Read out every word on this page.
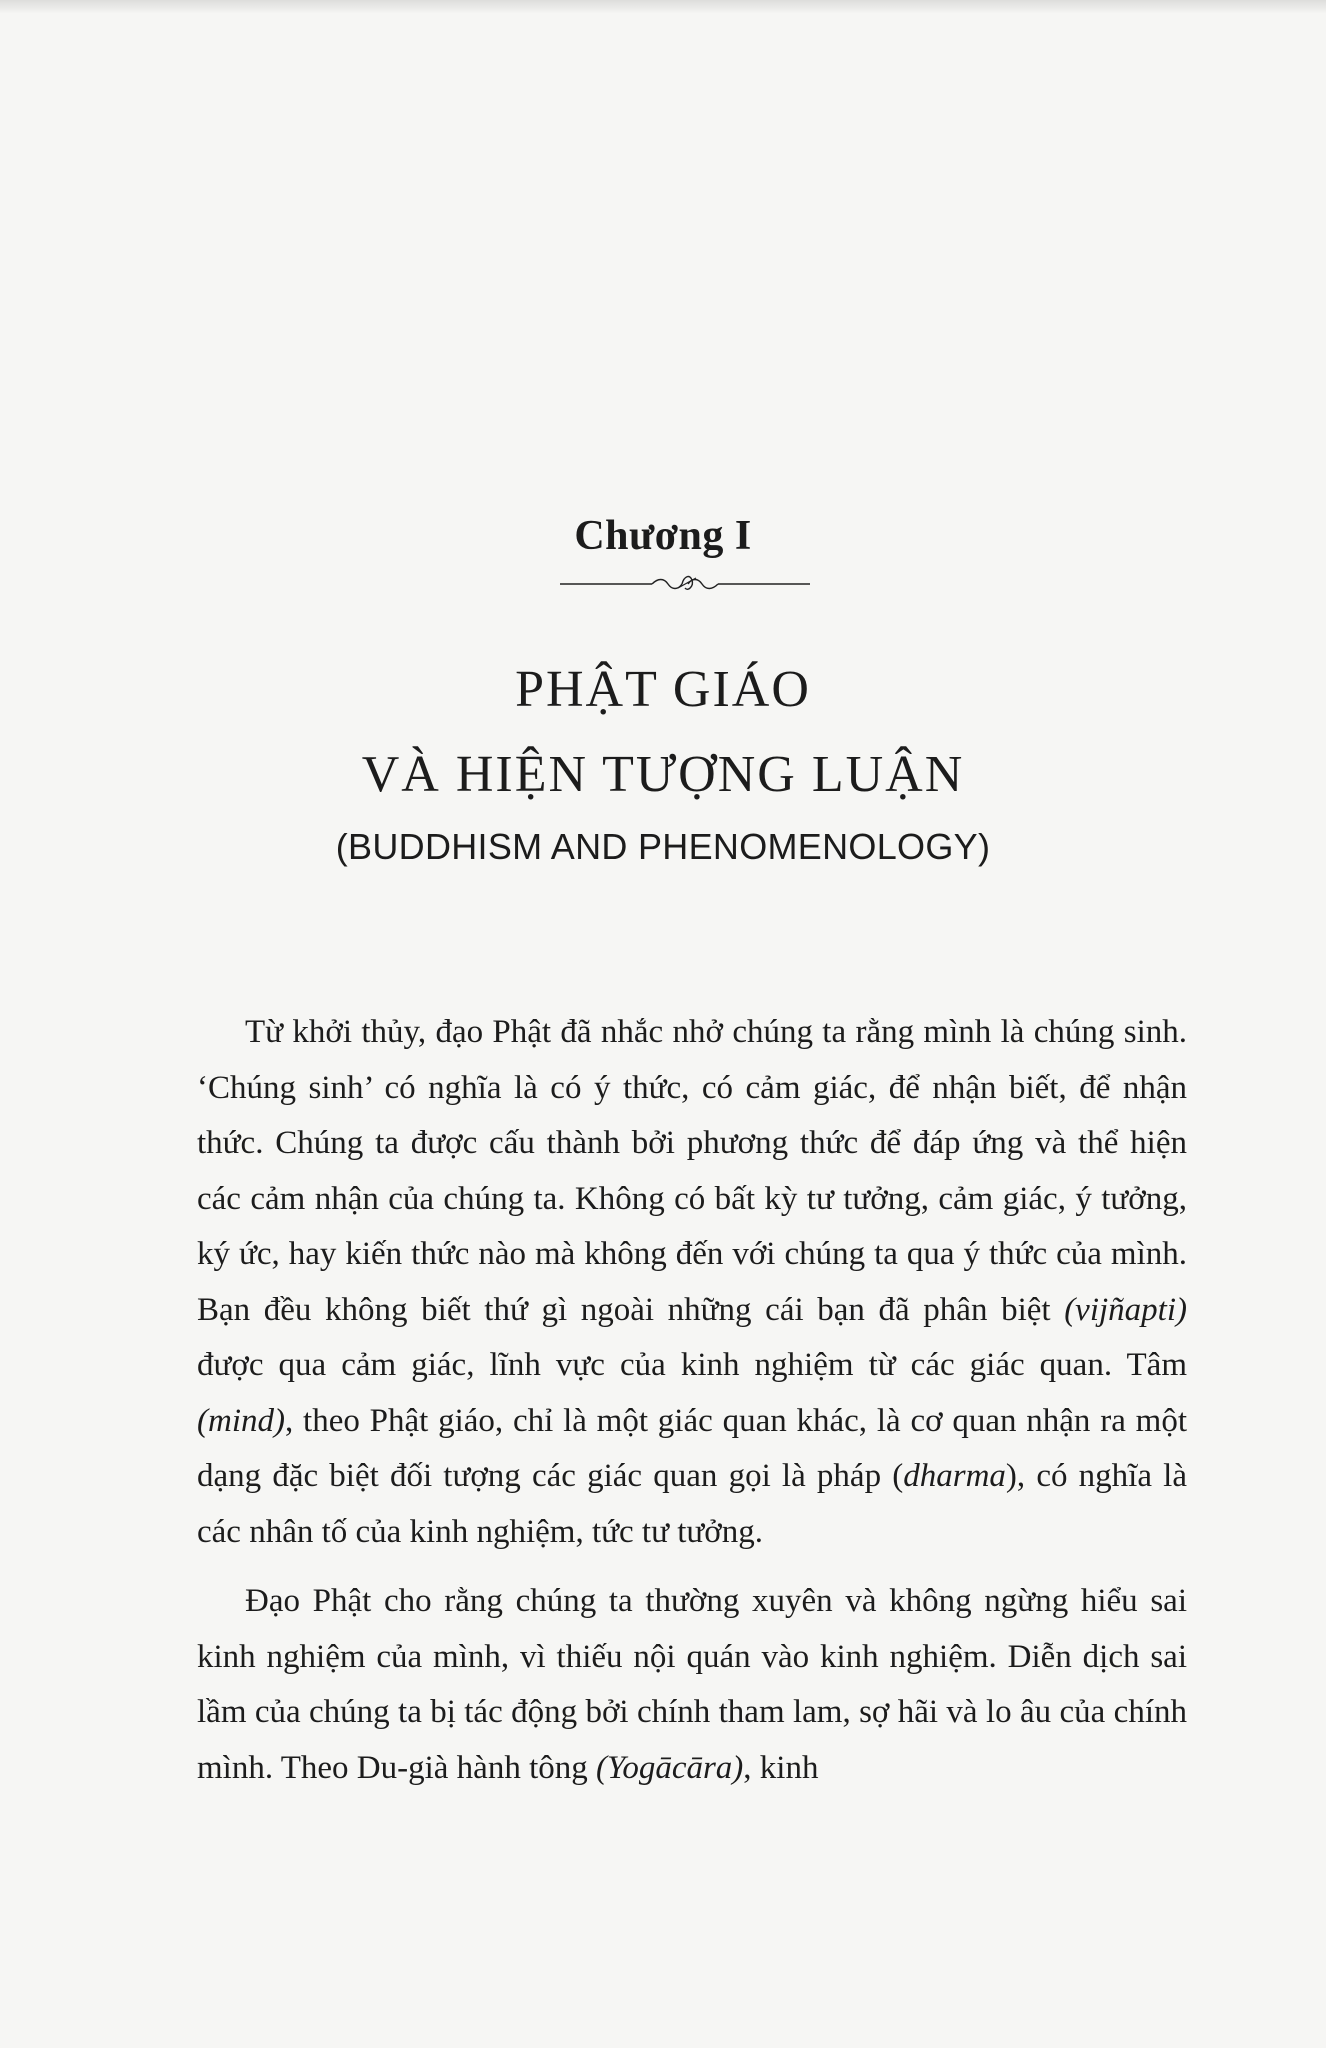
Chương I
PHẬT GIÁO
VÀ HIỆN TƯỢNG LUẬN
(BUDDHISM AND PHENOMENOLOGY)

Từ khởi thủy, đạo Phật đã nhắc nhở chúng ta rằng mình là chúng sinh. ‘Chúng sinh’ có nghĩa là có ý thức, có cảm giác, để nhận biết, để nhận thức. Chúng ta được cấu thành bởi phương thức để đáp ứng và thể hiện các cảm nhận của chúng ta. Không có bất kỳ tư tưởng, cảm giác, ý tưởng, ký ức, hay kiến thức nào mà không đến với chúng ta qua ý thức của mình. Bạn đều không biết thứ gì ngoài những cái bạn đã phân biệt (vijñapti) được qua cảm giác, lĩnh vực của kinh nghiệm từ các giác quan. Tâm (mind), theo Phật giáo, chỉ là một giác quan khác, là cơ quan nhận ra một dạng đặc biệt đối tượng các giác quan gọi là pháp (dharma), có nghĩa là các nhân tố của kinh nghiệm, tức tư tưởng.

Đạo Phật cho rằng chúng ta thường xuyên và không ngừng hiểu sai kinh nghiệm của mình, vì thiếu nội quán vào kinh nghiệm. Diễn dịch sai lầm của chúng ta bị tác động bởi chính tham lam, sợ hãi và lo âu của chính mình. Theo Du-già hành tông (Yogācāra), kinh
